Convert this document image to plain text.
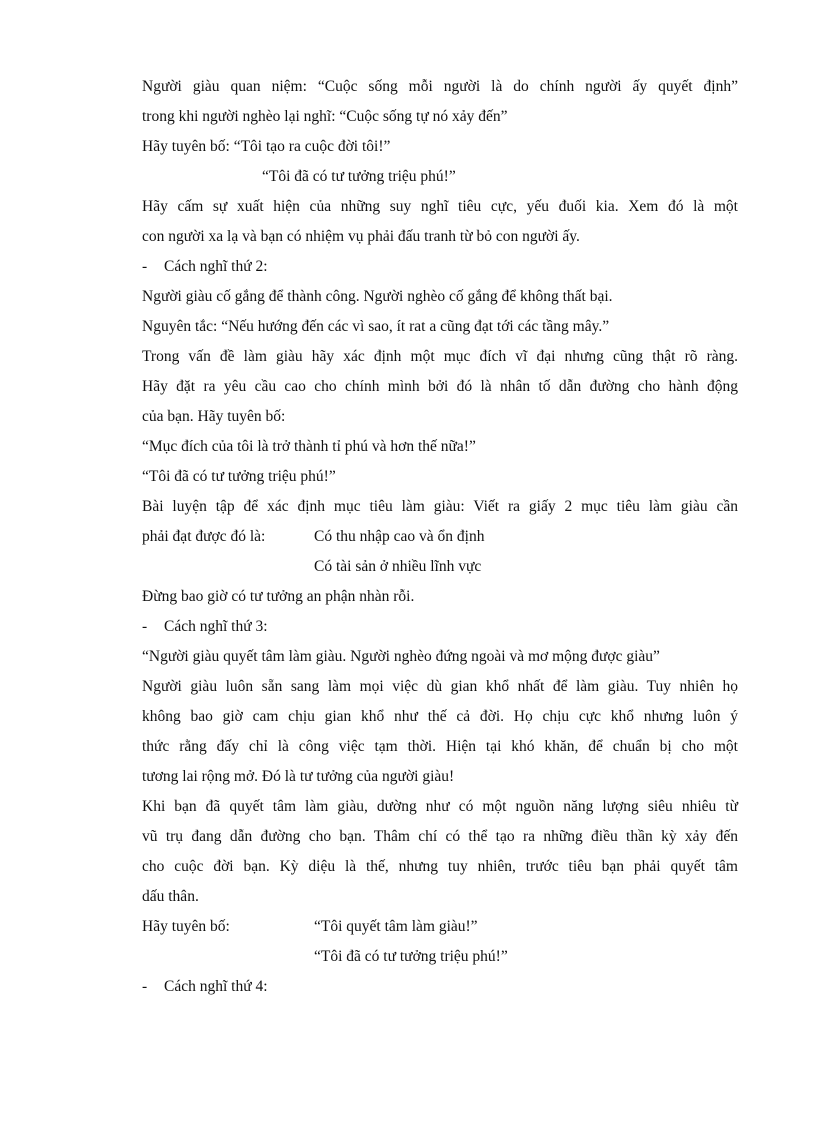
Người giàu quan niệm: “Cuộc sống mỗi người là do chính người ấy quyết định”
trong khi người nghèo lại nghĩ: “Cuộc sống tự nó xảy đến”
Hãy tuyên bố: “Tôi tạo ra cuộc đời tôi!”
“Tôi đã có tư tưởng triệu phú!”
Hãy cấm sự xuất hiện của những suy nghĩ tiêu cực, yếu đuối kia. Xem đó là một
con người xa lạ và bạn có nhiệm vụ phải đấu tranh từ bỏ con người ấy.
-	Cách nghĩ thứ 2:
Người giàu cố gắng để thành công. Người nghèo cố gắng để không thất bại.
Nguyên tắc: “Nếu hướng đến các vì sao, ít rat a cũng đạt tới các tầng mây.”
Trong vấn đề làm giàu hãy xác định một mục đích vĩ đại nhưng cũng thật rõ ràng.
Hãy đặt ra yêu cầu cao cho chính mình bởi đó là nhân tố dẫn đường cho hành động
của bạn. Hãy tuyên bố:
“Mục đích của tôi là trở thành tỉ phú và hơn thế nữa!”
“Tôi đã có tư tưởng triệu phú!”
Bài luyện tập để xác định mục tiêu làm giàu: Viết ra giấy 2 mục tiêu làm giàu cần
phải đạt được đó là:	Có thu nhập cao và ổn định
Có tài sản ở nhiều lĩnh vực
Đừng bao giờ có tư tưởng an phận nhàn rỗi.
-	Cách nghĩ thứ 3:
“Người giàu quyết tâm làm giàu. Người nghèo đứng ngoài và mơ mộng được giàu”
Người giàu luôn sẵn sang làm mọi việc dù gian khổ nhất để làm giàu. Tuy nhiên họ
không bao giờ cam chịu gian khổ như thế cả đời. Họ chịu cực khổ nhưng luôn ý
thức rằng đấy chỉ là công việc tạm thời. Hiện tại khó khăn, để chuẩn bị cho một
tương lai rộng mở. Đó là tư tưởng của người giàu!
Khi bạn đã quyết tâm làm giàu, dường như có một nguồn năng lượng siêu nhiêu từ
vũ trụ đang dẫn đường cho bạn. Thâm chí có thể tạo ra những điều thần kỳ xảy đến
cho cuộc đời bạn. Kỳ diệu là thế, nhưng tuy nhiên, trước tiêu bạn phải quyết tâm
dấu thân.
Hãy tuyên bố:	“Tôi quyết tâm làm giàu!”
“Tôi đã có tư tưởng triệu phú!”
-	Cách nghĩ thứ 4:
